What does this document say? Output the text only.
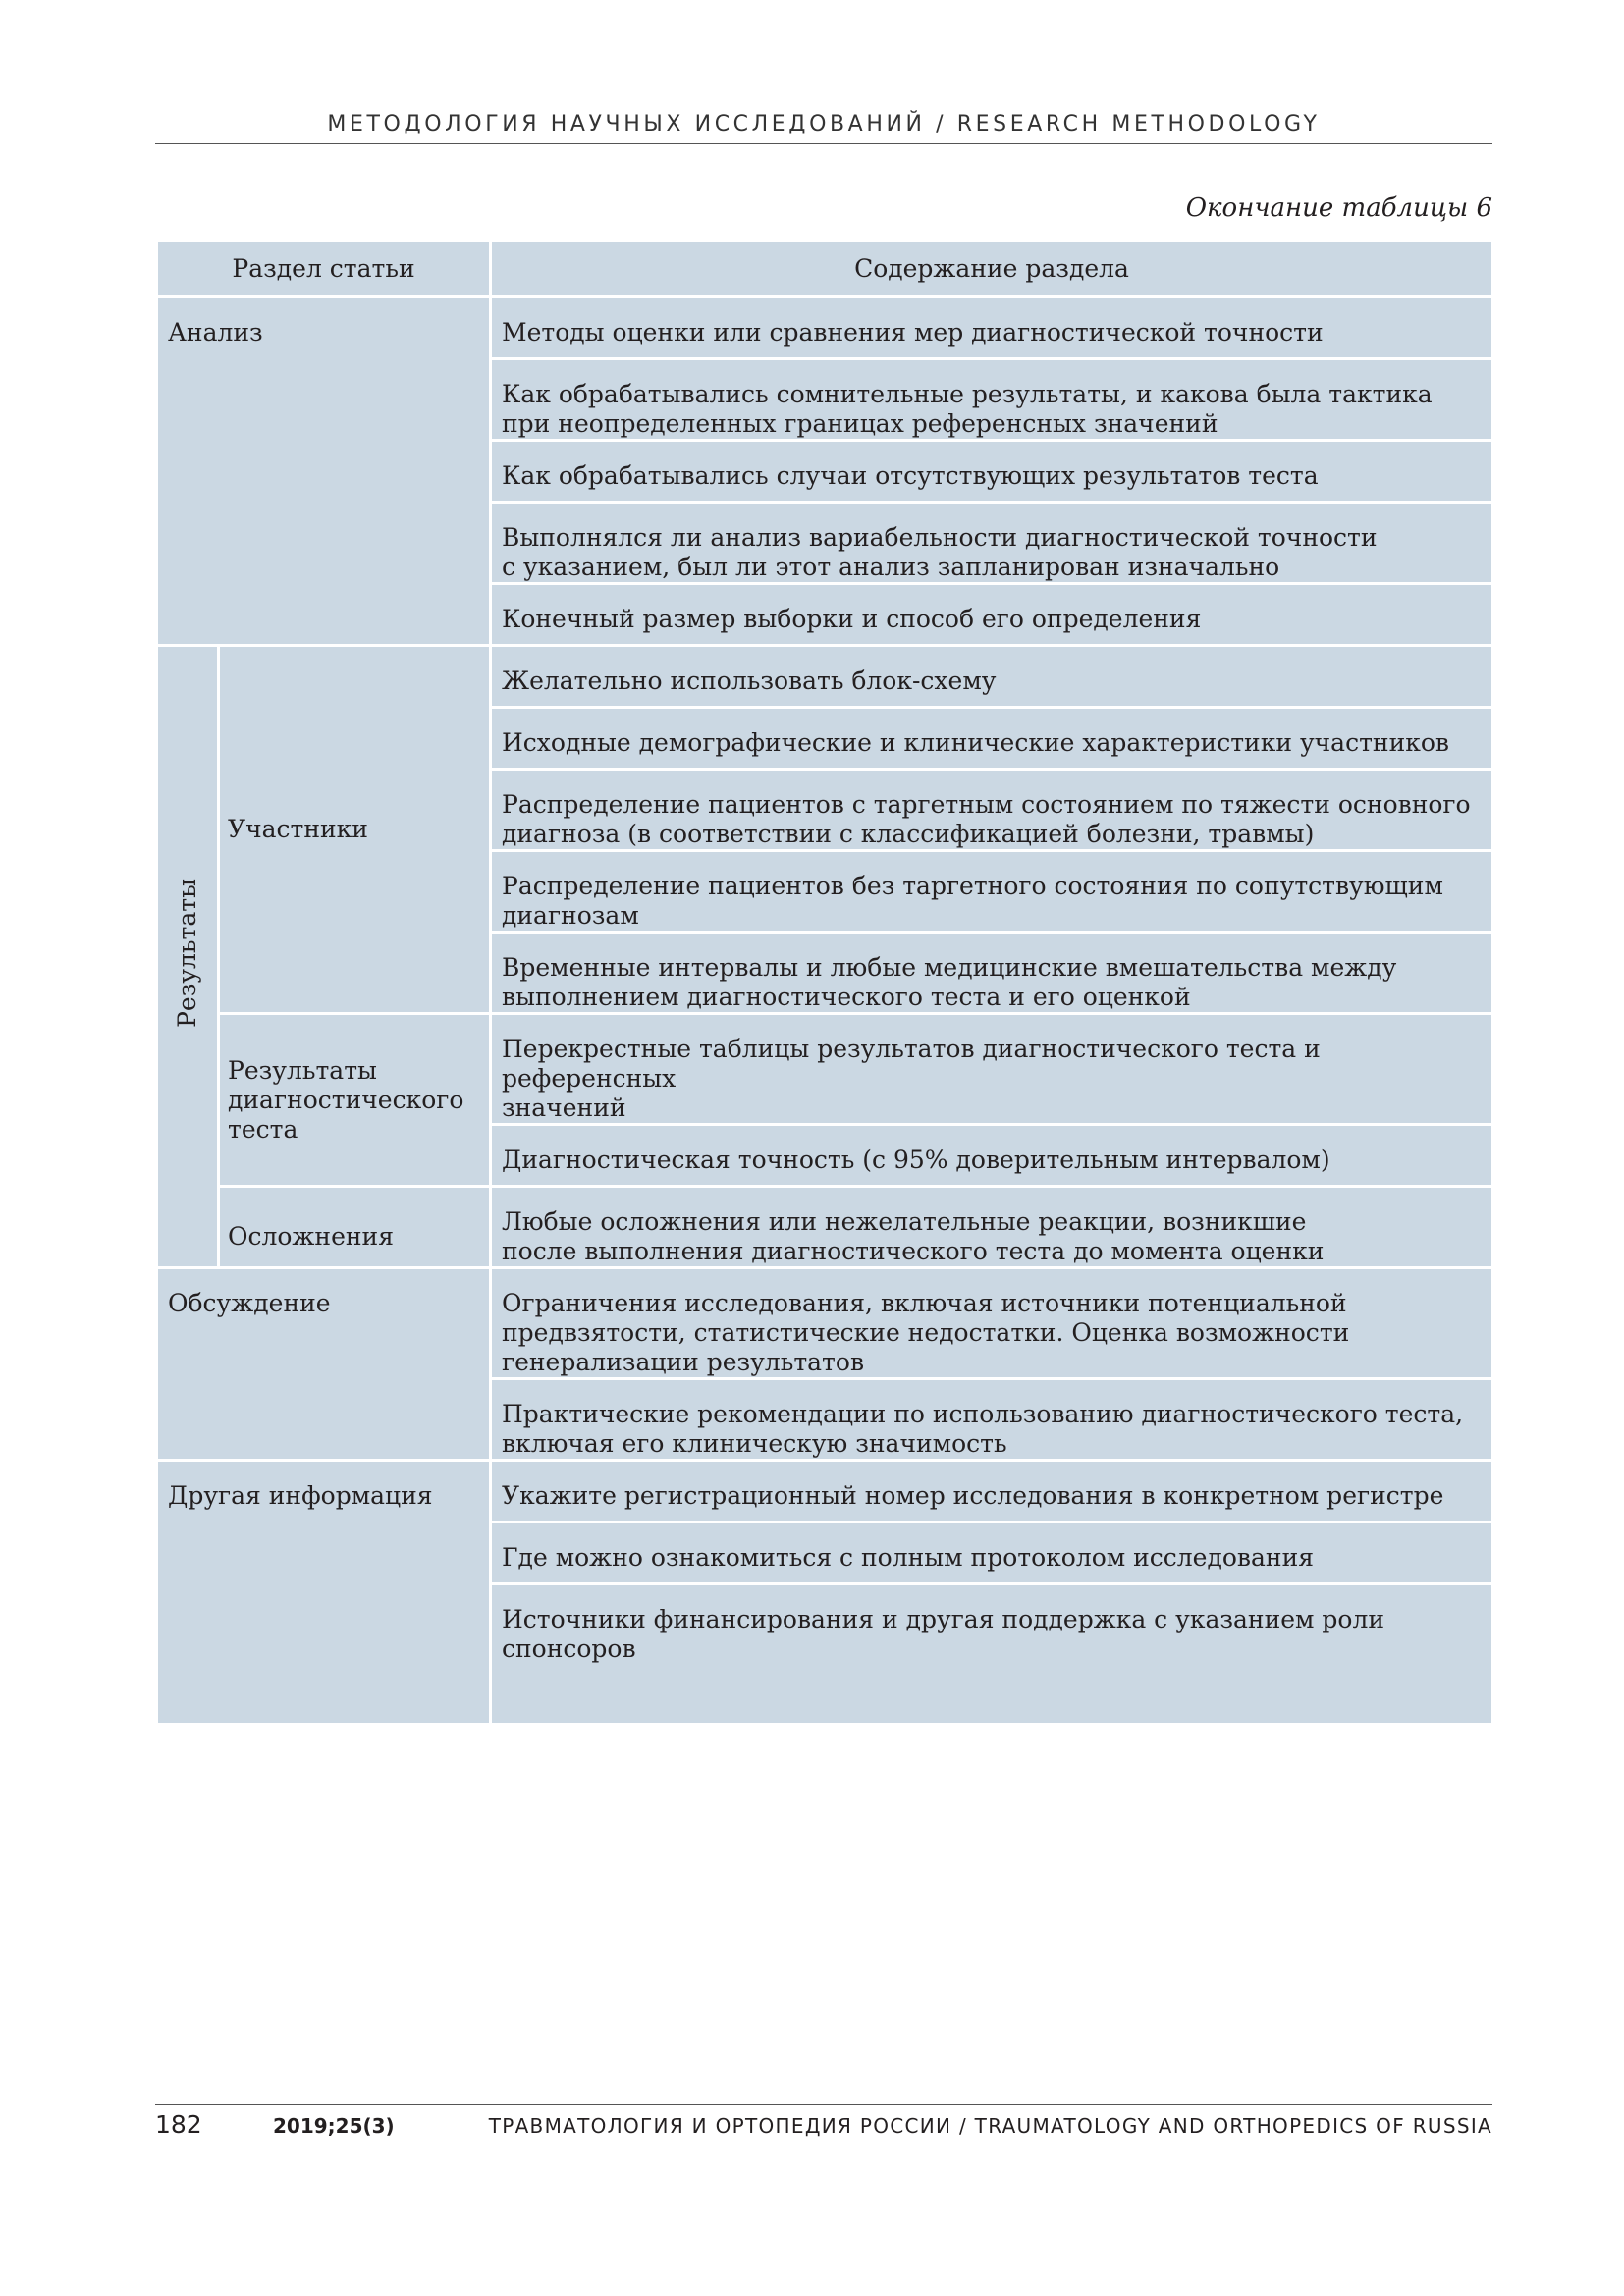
МЕТОДОЛОГИЯ НАУЧНЫХ ИССЛЕДОВАНИЙ / RESEARCH METHODOLOGY
Окончание таблицы 6
Раздел статьи		Содержание раздела
Анализ		Методы оценки или сравнения мер диагностической точности

		Как обрабатывались сомнительные результаты, и какова была тактика
при неопределенных границах референсных значений

		Как обрабатывались случаи отсутствующих результатов теста

		Выполнялся ли анализ вариабельности диагностической точности
с указанием, был ли этот анализ запланирован изначально

		Конечный размер выборки и способ его определения

Результаты	Участники	Желательно использовать блок-схему

		Исходные демографические и клинические характеристики участников

		Распределение пациентов с таргетным состоянием по тяжести основного
диагноза (в соответствии с классификацией болезни, травмы)

		Распределение пациентов без таргетного состояния по сопутствующим
диагнозам

		Временные интервалы и любые медицинские вмешательства между
выполнением диагностического теста и его оценкой

	Результаты
диагностического
теста	Перекрестные таблицы результатов диагностического теста и референсных
значений

		Диагностическая точность (с 95% доверительным интервалом)

	Осложнения	Любые осложнения или нежелательные реакции, возникшие
после выполнения диагностического теста до момента оценки

Обсуждение		Ограничения исследования, включая источники потенциальной
предвзятости, статистические недостатки. Оценка возможности
генерализации результатов

		Практические рекомендации по использованию диагностического теста,
включая его клиническую значимость

Другая информация		Укажите регистрационный номер исследования в конкретном регистре

		Где можно ознакомиться с полным протоколом исследования

		Источники финансирования и другая поддержка с указанием роли
спонсоров
182	2019;25(3)	ТРАВМАТОЛОГИЯ И ОРТОПЕДИЯ РОССИИ / TRAUMATOLOGY AND ORTHOPEDICS OF RUSSIA
